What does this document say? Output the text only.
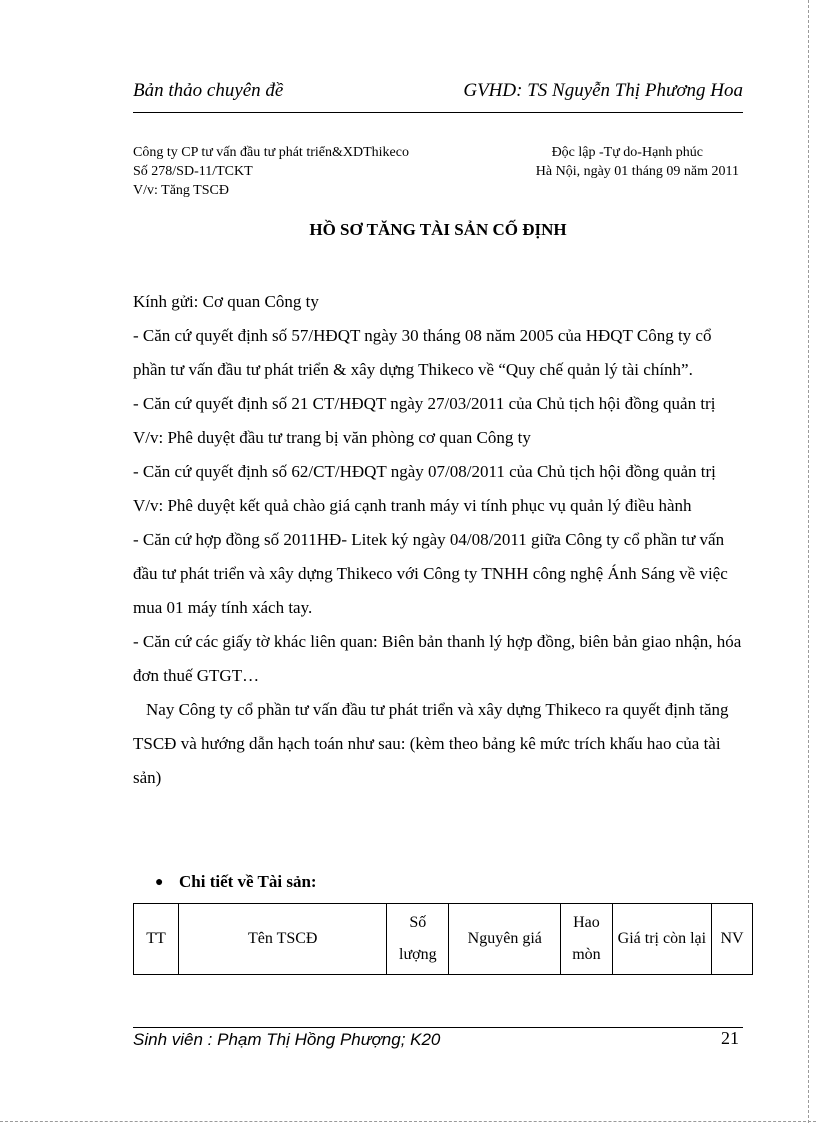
Bản thảo chuyên đề	GVHD: TS Nguyễn Thị Phương Hoa
Công ty CP tư vấn đầu tư phát triển&XDThikeco
Số 278/SD-11/TCKT
V/v: Tăng TSCĐ
Độc lập -Tự do-Hạnh phúc
Hà Nội, ngày 01 tháng 09 năm 2011
HỒ SƠ TĂNG TÀI SẢN CỐ ĐỊNH

Kính gửi: Cơ quan Công ty

- Căn cứ quyết định số 57/HĐQT ngày 30 tháng 08 năm 2005 của HĐQT Công ty cổ phần tư vấn đầu tư phát triển & xây dựng Thikeco về “Quy chế quản lý tài chính”.

- Căn cứ quyết định số 21 CT/HĐQT ngày 27/03/2011 của Chủ tịch hội đồng quản trị V/v: Phê duyệt đầu tư trang bị văn phòng cơ quan Công ty

- Căn cứ quyết định số 62/CT/HĐQT ngày 07/08/2011 của Chủ tịch hội đồng quản trị V/v: Phê duyệt kết quả chào giá cạnh tranh máy vi tính phục vụ quản lý điều hành

- Căn cứ hợp đồng số 2011HĐ- Litek ký ngày 04/08/2011 giữa Công ty cổ phần tư vấn đầu tư phát triển và xây dựng Thikeco với Công ty TNHH công nghệ Ánh Sáng về việc mua 01 máy tính xách tay.

- Căn cứ các giấy tờ khác liên quan: Biên bản thanh lý hợp đồng, biên bản giao nhận, hóa đơn thuế GTGT…

Nay Công ty cổ phần tư vấn đầu tư phát triển và xây dựng Thikeco ra quyết định tăng TSCĐ và hướng dẫn hạch toán như sau: (kèm theo bảng kê mức trích khấu hao của tài sản)

● Chi tiết về Tài sản:
TT	Tên TSCĐ	Số lượng	Nguyên giá	Hao mòn	Giá trị còn lại	NV
Sinh viên : Phạm Thị Hồng Phượng; K20	21
